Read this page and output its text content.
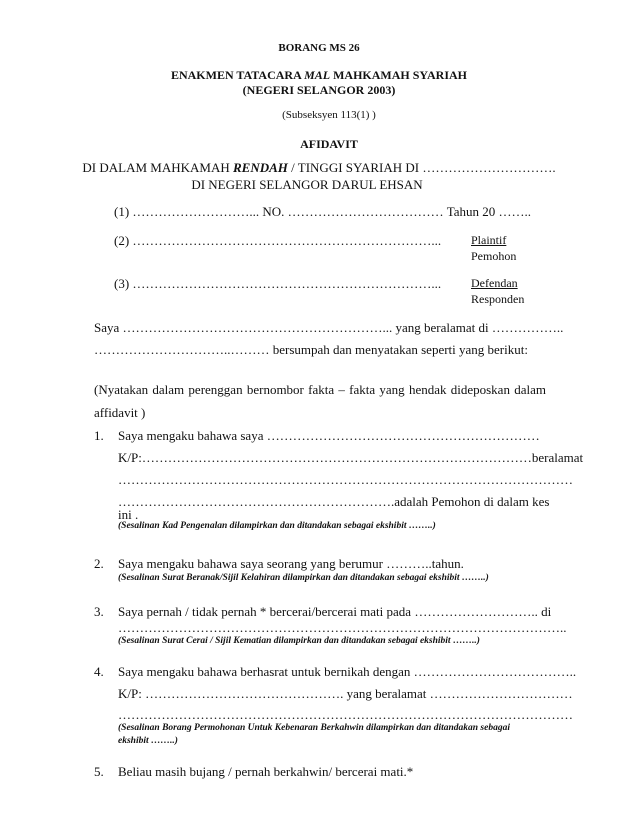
BORANG MS 26
ENAKMEN TATACARA MAL MAHKAMAH SYARIAH
(NEGERI SELANGOR 2003)
(Subseksyen 113(1) )
AFIDAVIT
DI DALAM MAHKAMAH RENDAH / TINGGI SYARIAH DI ………………………….
DI NEGERI SELANGOR DARUL EHSAN
(1) ………………………... NO. ……………………………… Tahun 20 ……..
(2) ……………………………………………………………... Plaintif
Pemohon
(3) ……………………………………………………………... Defendan
Responden
Saya ……………………………………………………... yang beralamat di ……………..
…………………………..……… bersumpah dan menyatakan seperti yang berikut:
(Nyatakan dalam perenggan bernombor fakta – fakta yang hendak dideposkan dalam
affidavit )
1. Saya mengaku bahawa saya ………………………………………………………
K/P:………………………………………………………………………………beralamat
……………………………………………………………………………………………
……………………………………………………….adalah Pemohon di dalam kes
ini .
(Sesalinan Kad Pengenalan dilampirkan dan ditandakan sebagai ekshibit ……..)
2. Saya mengaku bahawa saya seorang yang berumur ………..tahun.
(Sesalinan Surat Beranak/Sijil Kelahiran dilampirkan dan ditandakan sebagai ekshibit ……..)
3. Saya pernah / tidak pernah * bercerai/bercerai mati pada ……………………….. di
…………………………………………………………………………………………..
(Sesalinan Surat Cerai / Sijil Kematian dilampirkan dan ditandakan sebagai ekshibit ……..)
4. Saya mengaku bahawa berhasrat untuk bernikah dengan ………………………………..
K/P: ………………………………………. yang beralamat ……………………………
……………………………………………………………………………………………
(Sesalinan Borang Permohonan Untuk Kebenaran Berkahwin dilampirkan dan ditandakan sebagai
ekshibit ……..)
5. Beliau masih bujang / pernah berkahwin/ bercerai mati.*
